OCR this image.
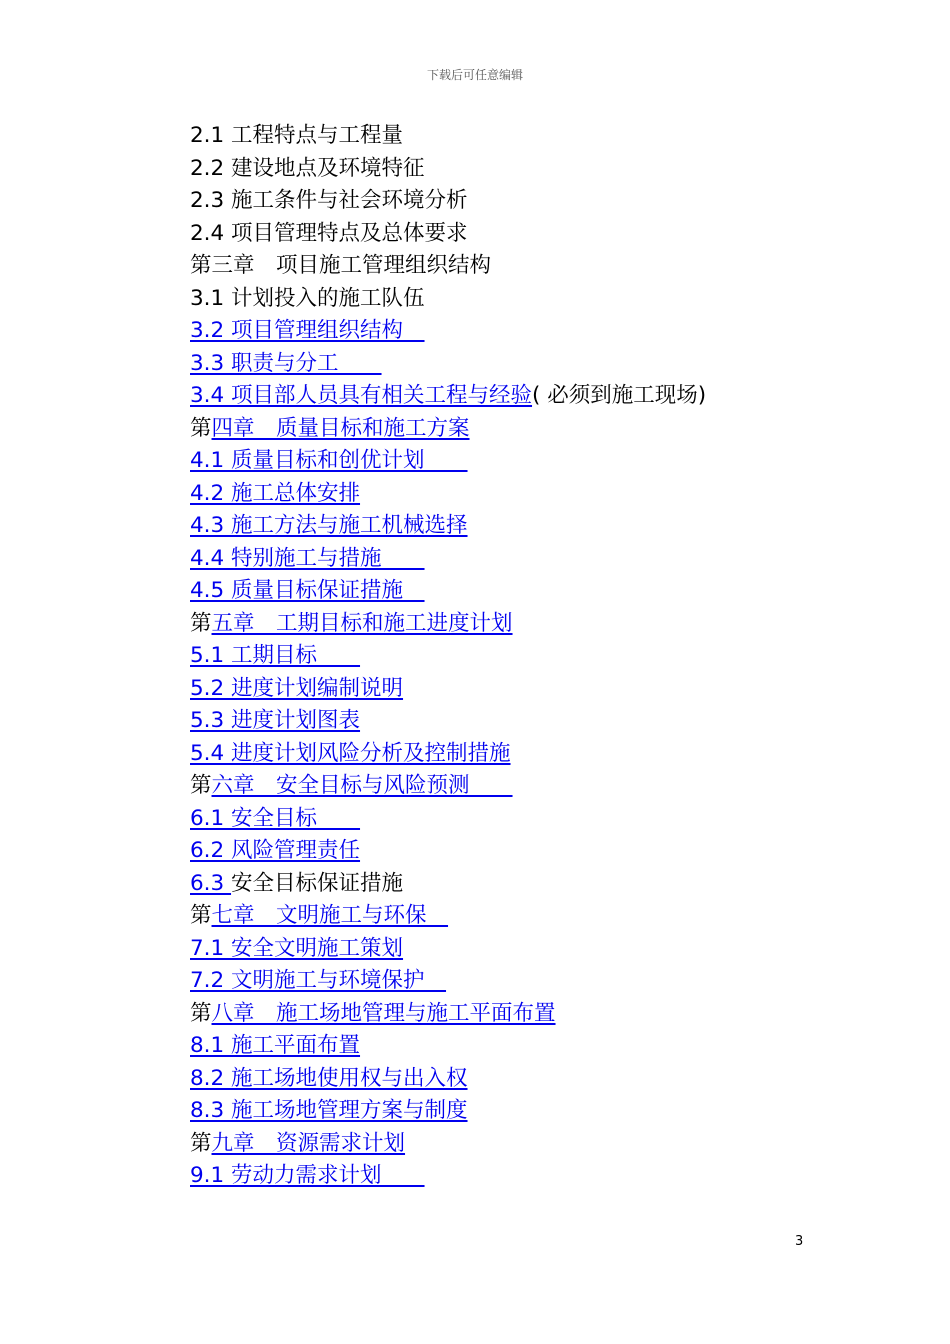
下载后可任意编辑
2.1 工程特点与工程量
2.2 建设地点及环境特征
2.3 施工条件与社会环境分析
2.4 项目管理特点及总体要求
第三章　项目施工管理组织结构
3.1 计划投入的施工队伍
3.2 项目管理组织结构　
3.3 职责与分工　　
3.4 项目部人员具有相关工程与经验( 必须到施工现场)
第四章　质量目标和施工方案
4.1 质量目标和创优计划　　
4.2 施工总体安排
4.3 施工方法与施工机械选择
4.4 特别施工与措施　　
4.5 质量目标保证措施　
第五章　工期目标和施工进度计划
5.1 工期目标　　
5.2 进度计划编制说明
5.3 进度计划图表
5.4 进度计划风险分析及控制措施
第六章　安全目标与风险预测　　
6.1 安全目标　　
6.2 风险管理责任
6.3 安全目标保证措施
第七章　文明施工与环保　
7.1 安全文明施工策划
7.2 文明施工与环境保护　
第八章　施工场地管理与施工平面布置
8.1 施工平面布置
8.2 施工场地使用权与出入权
8.3 施工场地管理方案与制度
第九章　资源需求计划
9.1 劳动力需求计划　　
3
